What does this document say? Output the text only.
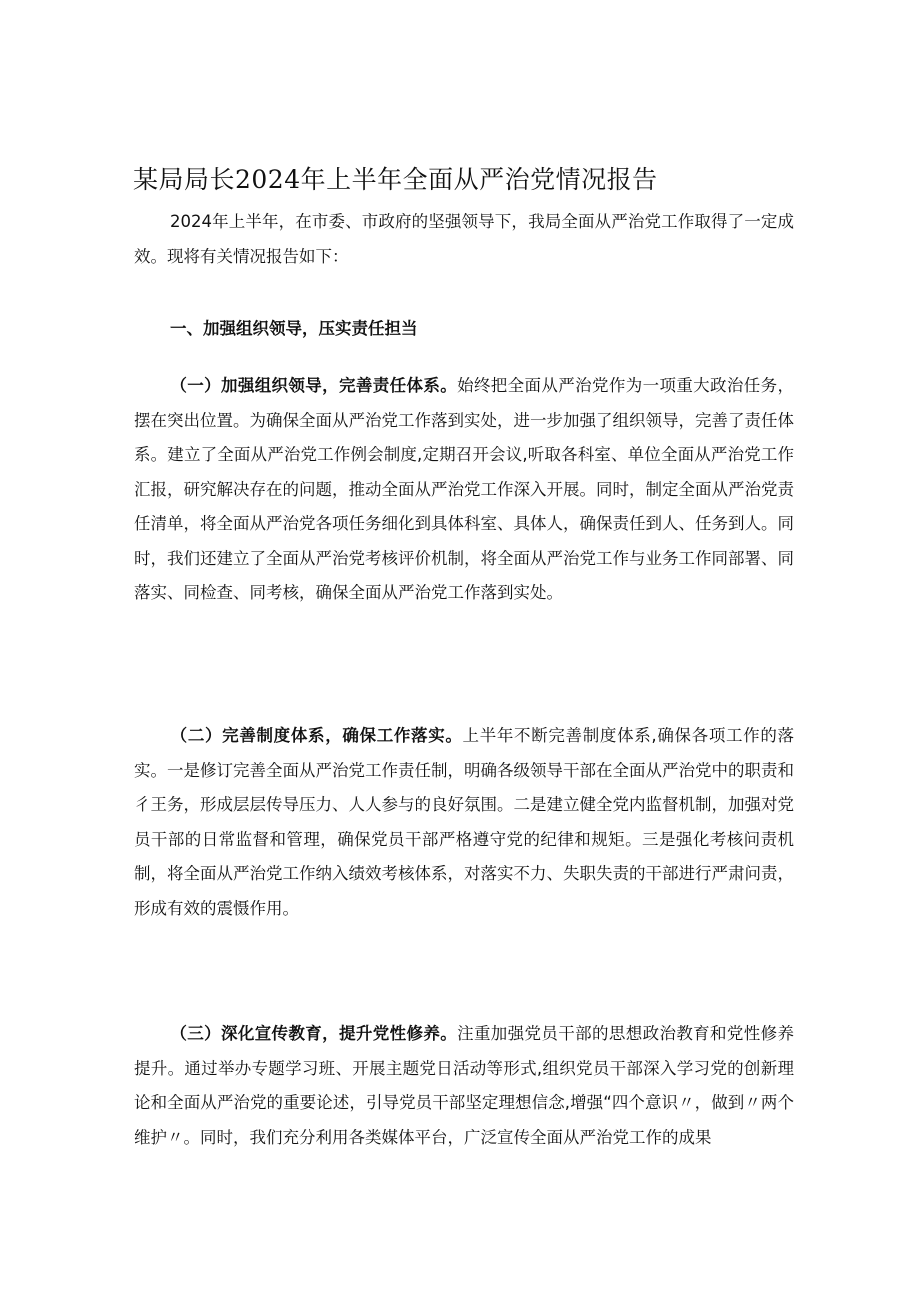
某局局长2024年上半年全面从严治党情况报告

2024年上半年，在市委、市政府的坚强领导下，我局全面从严治党工作取得了一定成效。现将有关情况报告如下：

一、加强组织领导，压实责任担当

（一）加强组织领导，完善责任体系。始终把全面从严治党作为一项重大政治任务，摆在突出位置。为确保全面从严治党工作落到实处，进一步加强了组织领导，完善了责任体系。建立了全面从严治党工作例会制度,定期召开会议,听取各科室、单位全面从严治党工作汇报，研究解决存在的问题，推动全面从严治党工作深入开展。同时，制定全面从严治党责任清单，将全面从严治党各项任务细化到具体科室、具体人，确保责任到人、任务到人。同时，我们还建立了全面从严治党考核评价机制，将全面从严治党工作与业务工作同部署、同落实、同检查、同考核，确保全面从严治党工作落到实处。

（二）完善制度体系，确保工作落实。上半年不断完善制度体系,确保各项工作的落实。一是修订完善全面从严治党工作责任制，明确各级领导干部在全面从严治党中的职责和彳王务，形成层层传导压力、人人参与的良好氛围。二是建立健全党内监督机制，加强对党员干部的日常监督和管理，确保党员干部严格遵守党的纪律和规矩。三是强化考核问责机制，将全面从严治党工作纳入绩效考核体系，对落实不力、失职失责的干部进行严肃问责，形成有效的震慑作用。

（三）深化宣传教育，提升党性修养。注重加强党员干部的思想政治教育和党性修养提升。通过举办专题学习班、开展主题党日活动等形式,组织党员干部深入学习党的创新理论和全面从严治党的重要论述，引导党员干部坚定理想信念,增强“四个意识〃，做到〃两个维护〃。同时，我们充分利用各类媒体平台，广泛宣传全面从严治党工作的成果
